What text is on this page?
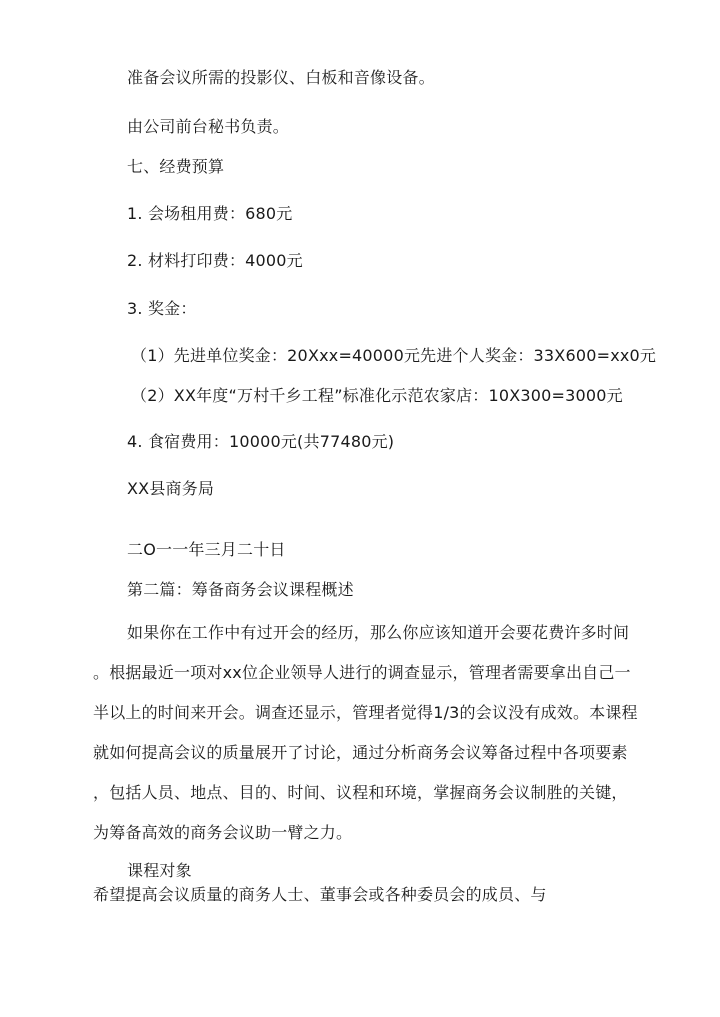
准备会议所需的投影仪、白板和音像设备。
由公司前台秘书负责。
七、经费预算
1. 会场租用费：680元
2. 材料打印费：4000元
3. 奖金：
（1）先进单位奖金：20Xxx=40000元先进个人奖金：33X600=xx0元
（2）XX年度“万村千乡工程”标准化示范农家店：10X300=3000元
4. 食宿费用：10000元(共77480元)
XX县商务局
二O一一年三月二十日
第二篇：筹备商务会议课程概述
如果你在工作中有过开会的经历，那么你应该知道开会要花费许多时间
。根据最近一项对xx位企业领导人进行的调查显示，管理者需要拿出自己一
半以上的时间来开会。调查还显示，管理者觉得1/3的会议没有成效。本课程
就如何提高会议的质量展开了讨论，通过分析商务会议筹备过程中各项要素
，包括人员、地点、目的、时间、议程和环境，掌握商务会议制胜的关键，
为筹备高效的商务会议助一臂之力。
课程对象
希望提高会议质量的商务人士、董事会或各种委员会的成员、与
